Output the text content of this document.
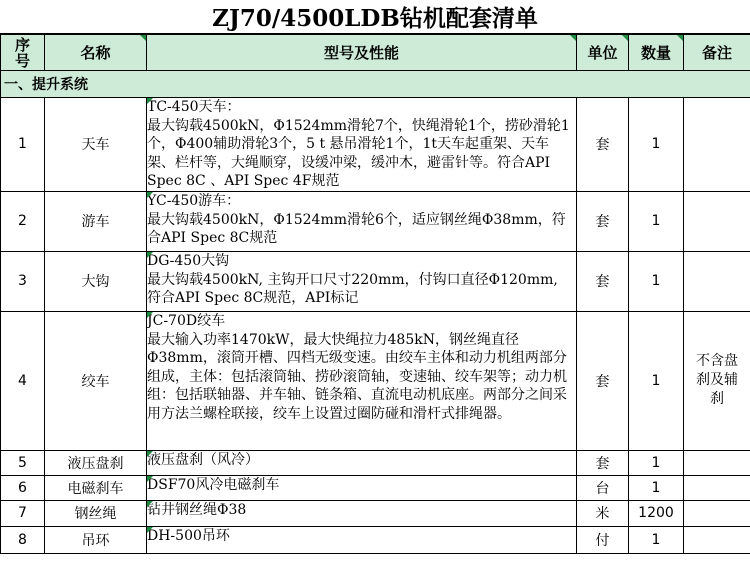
ZJ70/4500LDB钻机配套清单
序
号	名称	型号及性能	单位	数量	备注
一、提升系统					
1	天车	TC-450天车：
最大钩载4500kN，Φ1524mm滑轮7个，快绳滑轮1个，捞砂滑轮1个，Φ400辅助滑轮3个，5 t 悬吊滑轮1个，1t天车起重架、天车架、栏杆等，大绳顺穿，设缓冲梁，缓冲木，避雷针等。符合API Spec 8C 、API Spec 4F规范	套	1	
2	游车	YC-450游车：
最大钩载4500kN，Φ1524mm滑轮6个，适应钢丝绳Φ38mm，符合API Spec 8C规范	套	1	
3	大钩	DG-450大钩
最大钩载4500kN, 主钩开口尺寸220mm，付钩口直径Φ120mm, 符合API Spec 8C规范，API标记	套	1	
4	绞车	JC-70D绞车
最大输入功率1470kW，最大快绳拉力485kN，钢丝绳直径Φ38mm，滚筒开槽、四档无级变速。由绞车主体和动力机组两部分组成，主体：包括滚筒轴、捞砂滚筒轴，变速轴、绞车架等；动力机组：包括联轴器、并车轴、链条箱、直流电动机底座。两部分之间采用方法兰螺栓联接，绞车上设置过圈防碰和滑杆式排绳器。	套	1	不含盘
刹及辅
刹
5	液压盘刹	液压盘刹（风冷）	套	1	
6	电磁刹车	DSF70风冷电磁刹车	台	1	
7	钢丝绳	钻井钢丝绳Φ38	米	1200	
8	吊环	DH-500吊环	付	1	
